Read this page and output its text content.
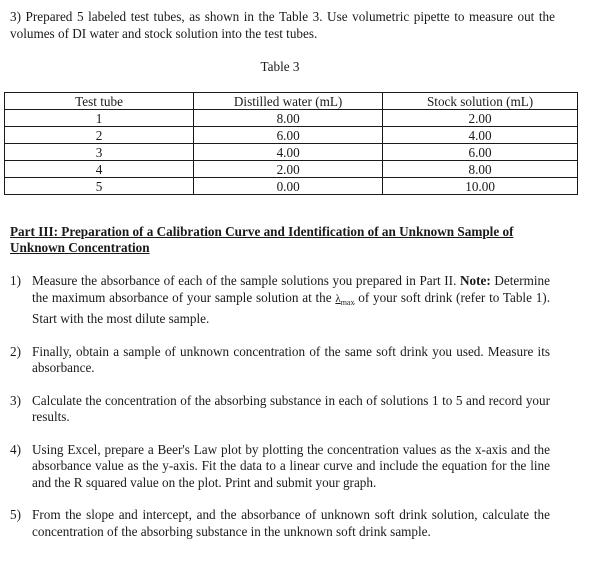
3) Prepared 5 labeled test tubes, as shown in the Table 3. Use volumetric pipette to measure out the volumes of DI water and stock solution into the test tubes.
Table 3
Test tube	Distilled water (mL)	Stock solution (mL)
1	8.00	2.00
2	6.00	4.00
3	4.00	6.00
4	2.00	8.00
5	0.00	10.00
Part III: Preparation of a Calibration Curve and Identification of an Unknown Sample of Unknown Concentration
1) Measure the absorbance of each of the sample solutions you prepared in Part II. Note: Determine the maximum absorbance of your sample solution at the $\lambda_{max}$ of your soft drink (refer to Table 1). Start with the most dilute sample.
2) Finally, obtain a sample of unknown concentration of the same soft drink you used. Measure its absorbance.
3) Calculate the concentration of the absorbing substance in each of solutions 1 to 5 and record your results.
4) Using Excel, prepare a Beer's Law plot by plotting the concentration values as the x-axis and the absorbance value as the y-axis. Fit the data to a linear curve and include the equation for the line and the R squared value on the plot. Print and submit your graph.
5) From the slope and intercept, and the absorbance of unknown soft drink solution, calculate the concentration of the absorbing substance in the unknown soft drink sample.
